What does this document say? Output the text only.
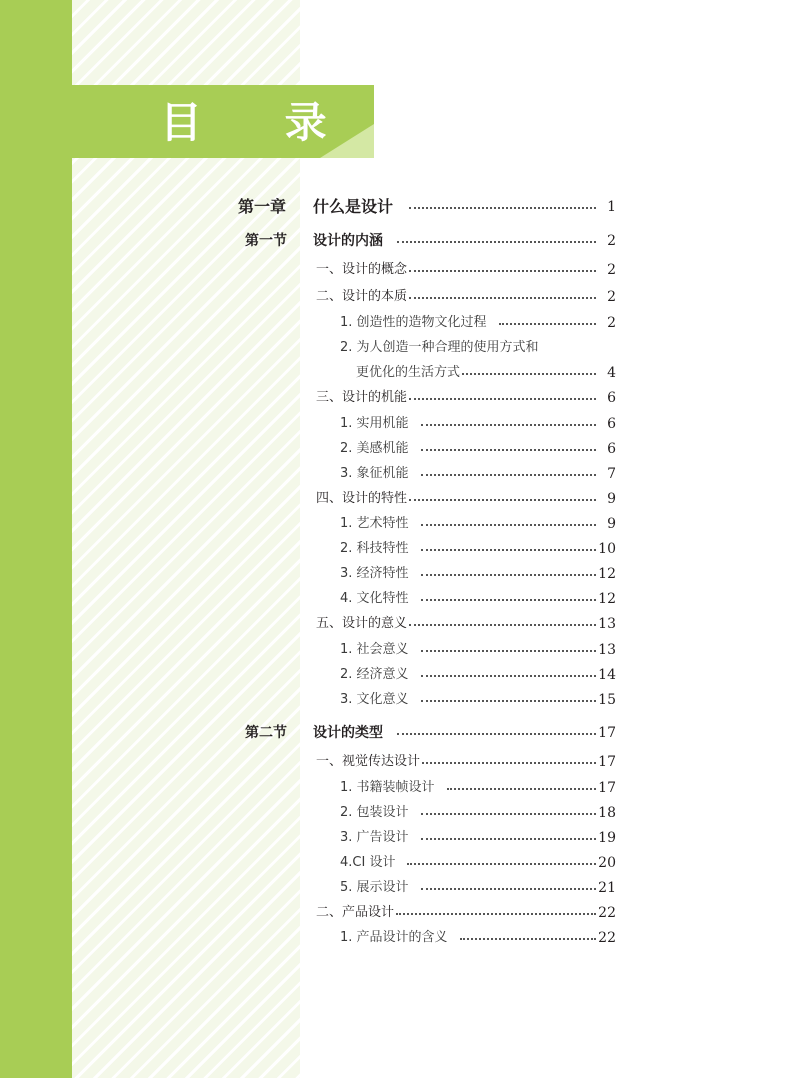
目 录
第一章 什么是设计	1
第一节 设计的内涵	2
一、设计的概念	2
二、设计的本质	2
1. 创造性的造物文化过程	2
2. 为人创造一种合理的使用方式和
更优化的生活方式	4
三、设计的机能	6
1. 实用机能	6
2. 美感机能	6
3. 象征机能	7
四、设计的特性	9
1. 艺术特性	9
2. 科技特性	10
3. 经济特性	12
4. 文化特性	12
五、设计的意义	13
1. 社会意义	13
2. 经济意义	14
3. 文化意义	15
第二节 设计的类型	17
一、视觉传达设计	17
1. 书籍装帧设计	17
2. 包装设计	18
3. 广告设计	19
4.CI 设计	20
5. 展示设计	21
二、产品设计	22
1. 产品设计的含义	22
